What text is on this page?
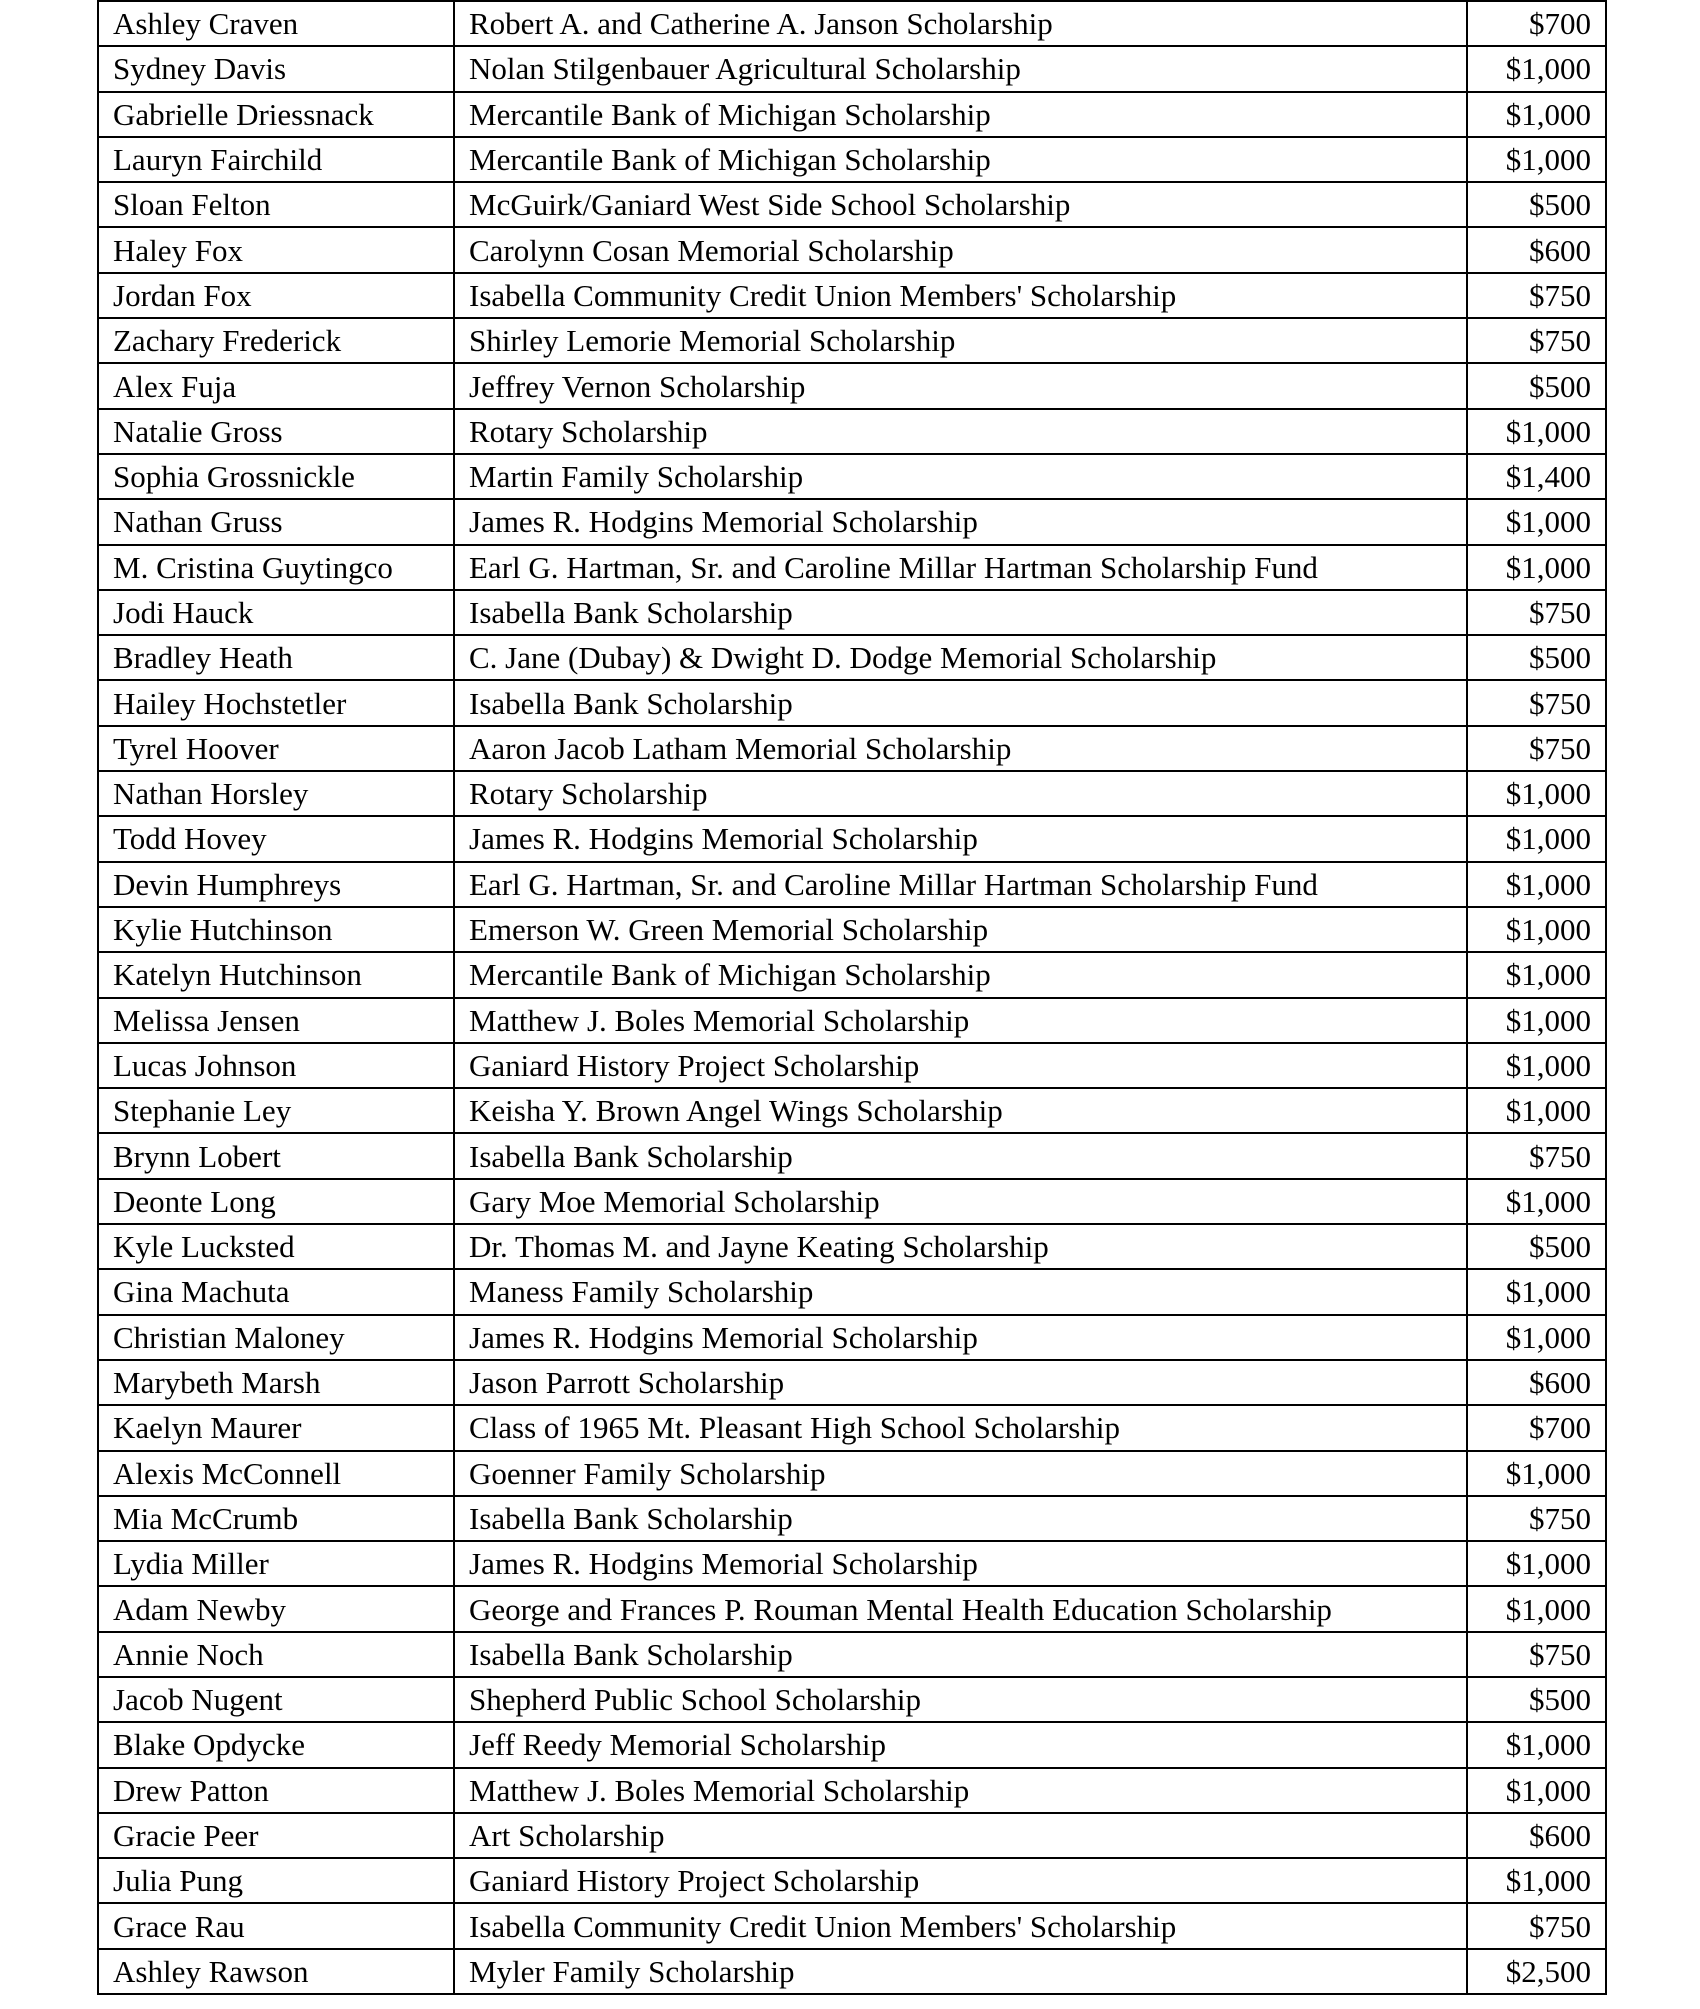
Ashley Craven	Robert A. and Catherine A. Janson Scholarship	$700
Sydney Davis	Nolan Stilgenbauer Agricultural Scholarship	$1,000
Gabrielle Driessnack	Mercantile Bank of Michigan Scholarship	$1,000
Lauryn Fairchild	Mercantile Bank of Michigan Scholarship	$1,000
Sloan Felton	McGuirk/Ganiard West Side School Scholarship	$500
Haley Fox	Carolynn Cosan Memorial Scholarship	$600
Jordan Fox	Isabella Community Credit Union Members' Scholarship	$750
Zachary Frederick	Shirley Lemorie Memorial Scholarship	$750
Alex Fuja	Jeffrey Vernon Scholarship	$500
Natalie Gross	Rotary Scholarship	$1,000
Sophia Grossnickle	Martin Family Scholarship	$1,400
Nathan Gruss	James R. Hodgins Memorial Scholarship	$1,000
M. Cristina Guytingco	Earl G. Hartman, Sr. and Caroline Millar Hartman Scholarship Fund	$1,000
Jodi Hauck	Isabella Bank Scholarship	$750
Bradley Heath	C. Jane (Dubay) & Dwight D. Dodge Memorial Scholarship	$500
Hailey Hochstetler	Isabella Bank Scholarship	$750
Tyrel Hoover	Aaron Jacob Latham Memorial Scholarship	$750
Nathan Horsley	Rotary Scholarship	$1,000
Todd Hovey	James R. Hodgins Memorial Scholarship	$1,000
Devin Humphreys	Earl G. Hartman, Sr. and Caroline Millar Hartman Scholarship Fund	$1,000
Kylie Hutchinson	Emerson W. Green Memorial Scholarship	$1,000
Katelyn Hutchinson	Mercantile Bank of Michigan Scholarship	$1,000
Melissa Jensen	Matthew J. Boles Memorial Scholarship	$1,000
Lucas Johnson	Ganiard History Project Scholarship	$1,000
Stephanie Ley	Keisha Y. Brown Angel Wings Scholarship	$1,000
Brynn Lobert	Isabella Bank Scholarship	$750
Deonte Long	Gary Moe Memorial Scholarship	$1,000
Kyle Lucksted	Dr. Thomas M. and Jayne Keating Scholarship	$500
Gina Machuta	Maness Family Scholarship	$1,000
Christian Maloney	James R. Hodgins Memorial Scholarship	$1,000
Marybeth Marsh	Jason Parrott Scholarship	$600
Kaelyn Maurer	Class of 1965 Mt. Pleasant High School Scholarship	$700
Alexis McConnell	Goenner Family Scholarship	$1,000
Mia McCrumb	Isabella Bank Scholarship	$750
Lydia Miller	James R. Hodgins Memorial Scholarship	$1,000
Adam Newby	George and Frances P. Rouman Mental Health Education Scholarship	$1,000
Annie Noch	Isabella Bank Scholarship	$750
Jacob Nugent	Shepherd Public School Scholarship	$500
Blake Opdycke	Jeff Reedy Memorial Scholarship	$1,000
Drew Patton	Matthew J. Boles Memorial Scholarship	$1,000
Gracie Peer	Art Scholarship	$600
Julia Pung	Ganiard History Project Scholarship	$1,000
Grace Rau	Isabella Community Credit Union Members' Scholarship	$750
Ashley Rawson	Myler Family Scholarship	$2,500
